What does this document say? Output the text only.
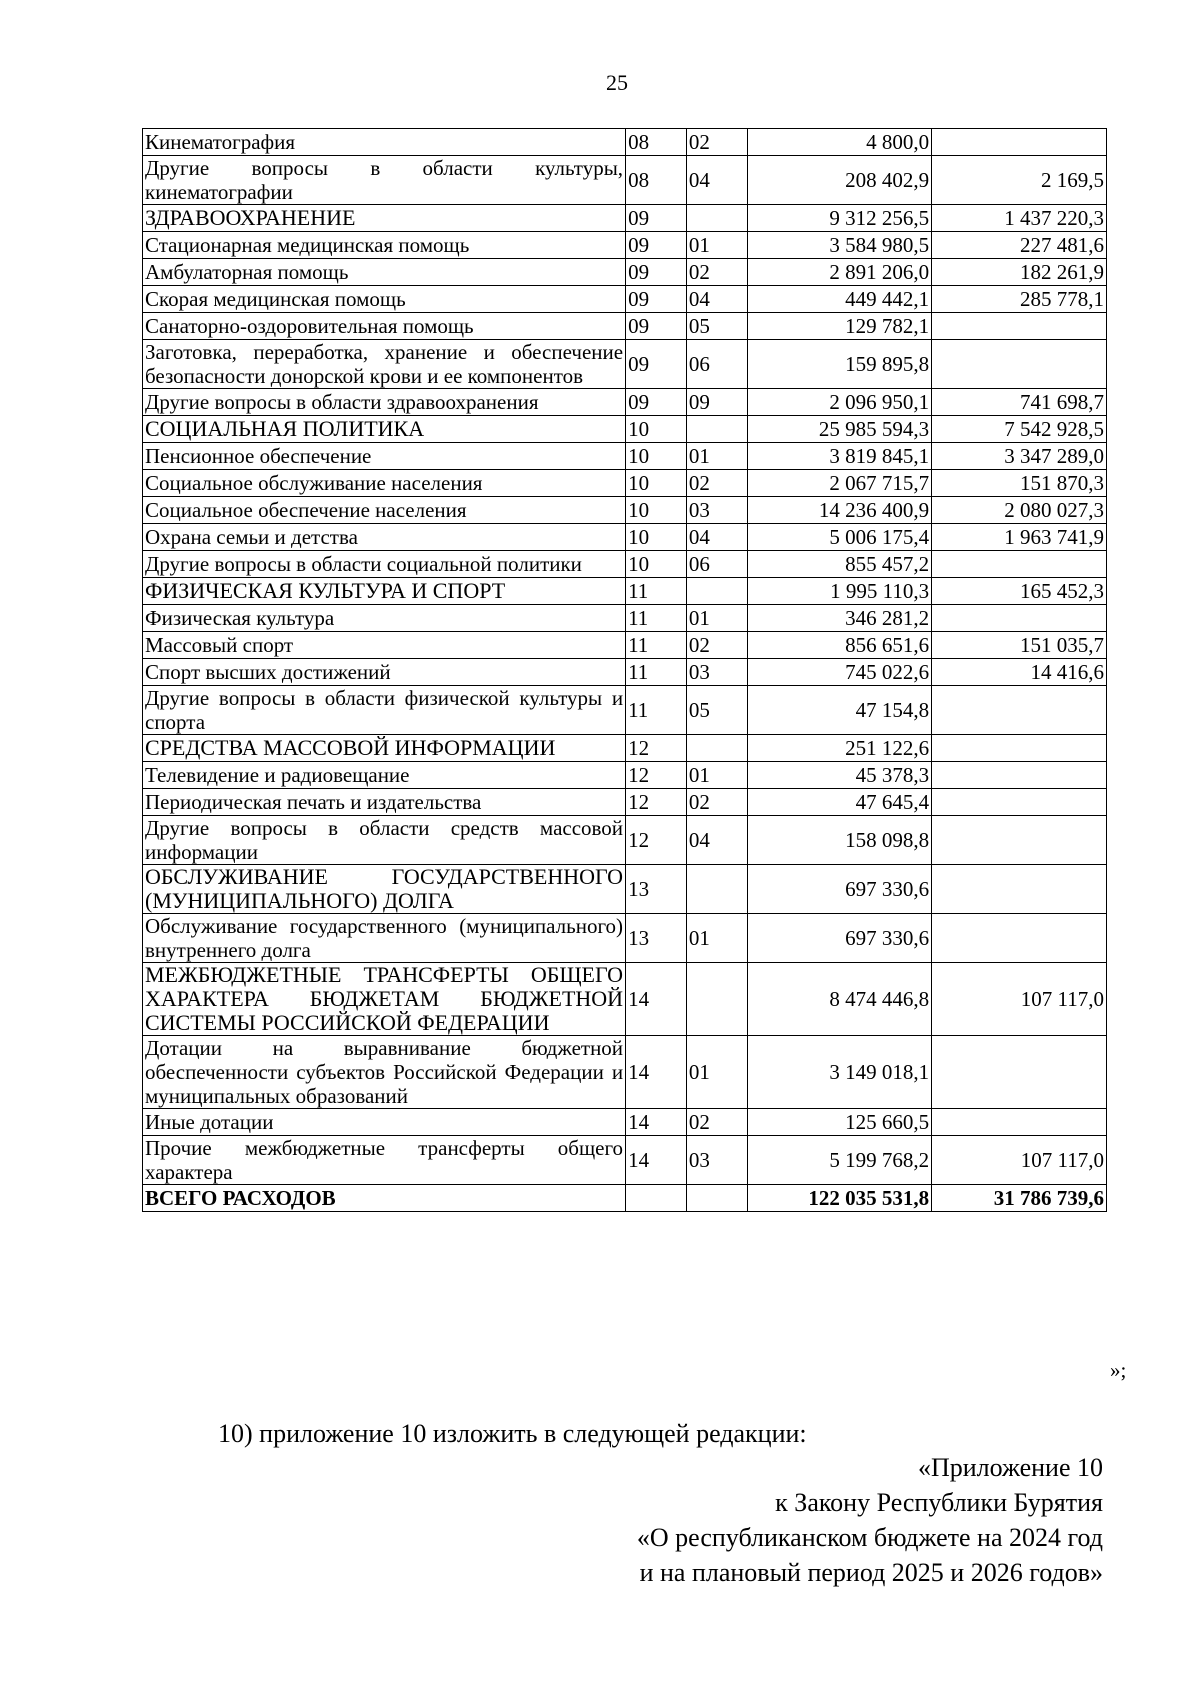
25
Кинематография	08	02	4 800,0	
Другие вопросы в области культуры, кинематографии	08	04	208 402,9	2 169,5
ЗДРАВООХРАНЕНИЕ	09		9 312 256,5	1 437 220,3
Стационарная медицинская помощь	09	01	3 584 980,5	227 481,6
Амбулаторная помощь	09	02	2 891 206,0	182 261,9
Скорая медицинская помощь	09	04	449 442,1	285 778,1
Санаторно-оздоровительная помощь	09	05	129 782,1	
Заготовка, переработка, хранение и обеспечение безопасности донорской крови и ее компонентов	09	06	159 895,8	
Другие вопросы в области здравоохранения	09	09	2 096 950,1	741 698,7
СОЦИАЛЬНАЯ ПОЛИТИКА	10		25 985 594,3	7 542 928,5
Пенсионное обеспечение	10	01	3 819 845,1	3 347 289,0
Социальное обслуживание населения	10	02	2 067 715,7	151 870,3
Социальное обеспечение населения	10	03	14 236 400,9	2 080 027,3
Охрана семьи и детства	10	04	5 006 175,4	1 963 741,9
Другие вопросы в области социальной политики	10	06	855 457,2	
ФИЗИЧЕСКАЯ КУЛЬТУРА И СПОРТ	11		1 995 110,3	165 452,3
Физическая культура	11	01	346 281,2	
Массовый спорт	11	02	856 651,6	151 035,7
Спорт высших достижений	11	03	745 022,6	14 416,6
Другие вопросы в области физической культуры и спорта	11	05	47 154,8	
СРЕДСТВА МАССОВОЙ ИНФОРМАЦИИ	12		251 122,6	
Телевидение и радиовещание	12	01	45 378,3	
Периодическая печать и издательства	12	02	47 645,4	
Другие вопросы в области средств массовой информации	12	04	158 098,8	
ОБСЛУЖИВАНИЕ ГОСУДАРСТВЕННОГО (МУНИЦИПАЛЬНОГО) ДОЛГА	13		697 330,6	
Обслуживание государственного (муниципального) внутреннего долга	13	01	697 330,6	
МЕЖБЮДЖЕТНЫЕ ТРАНСФЕРТЫ ОБЩЕГО ХАРАКТЕРА БЮДЖЕТАМ БЮДЖЕТНОЙ СИСТЕМЫ РОССИЙСКОЙ ФЕДЕРАЦИИ	14		8 474 446,8	107 117,0
Дотации на выравнивание бюджетной обеспеченности субъектов Российской Федерации и муниципальных образований	14	01	3 149 018,1	
Иные дотации	14	02	125 660,5	
Прочие межбюджетные трансферты общего характера	14	03	5 199 768,2	107 117,0
ВСЕГО РАСХОДОВ			122 035 531,8	31 786 739,6
»;
10) приложение 10 изложить в следующей редакции:
«Приложение 10
к Закону Республики Бурятия
«О республиканском бюджете на 2024 год
и на плановый период 2025 и 2026 годов»
